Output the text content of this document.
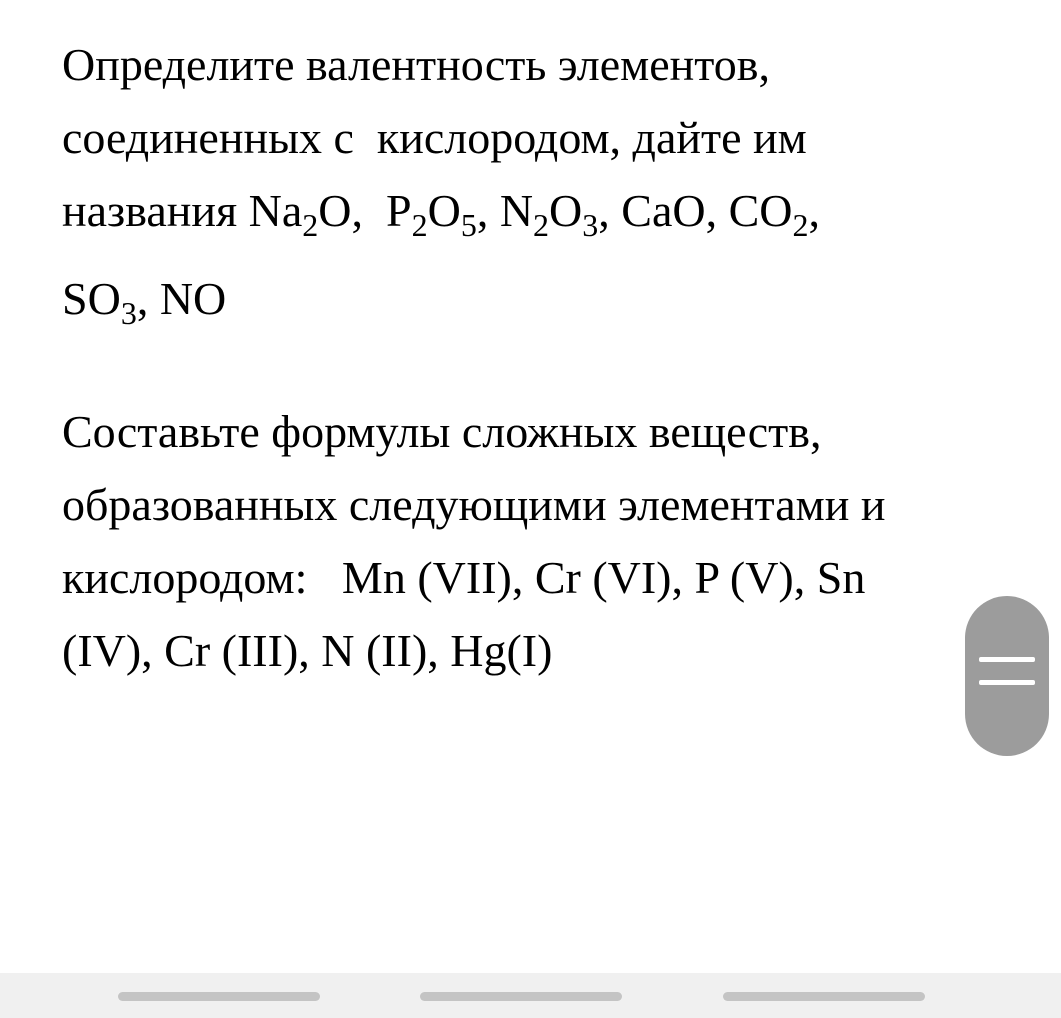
Определите валентность элементов,
соединенных с  кислородом, дайте им
названия $Na_2O$,  $P_2O_5$, $N_2O_3$, CaO, $CO_2$,
$SO_3$, NO

Составьте формулы сложных веществ,
образованных следующими элементами и
кислородом:   Mn (VII), Cr (VI), P (V), Sn
(IV), Cr (III), N (II), Hg(I)
